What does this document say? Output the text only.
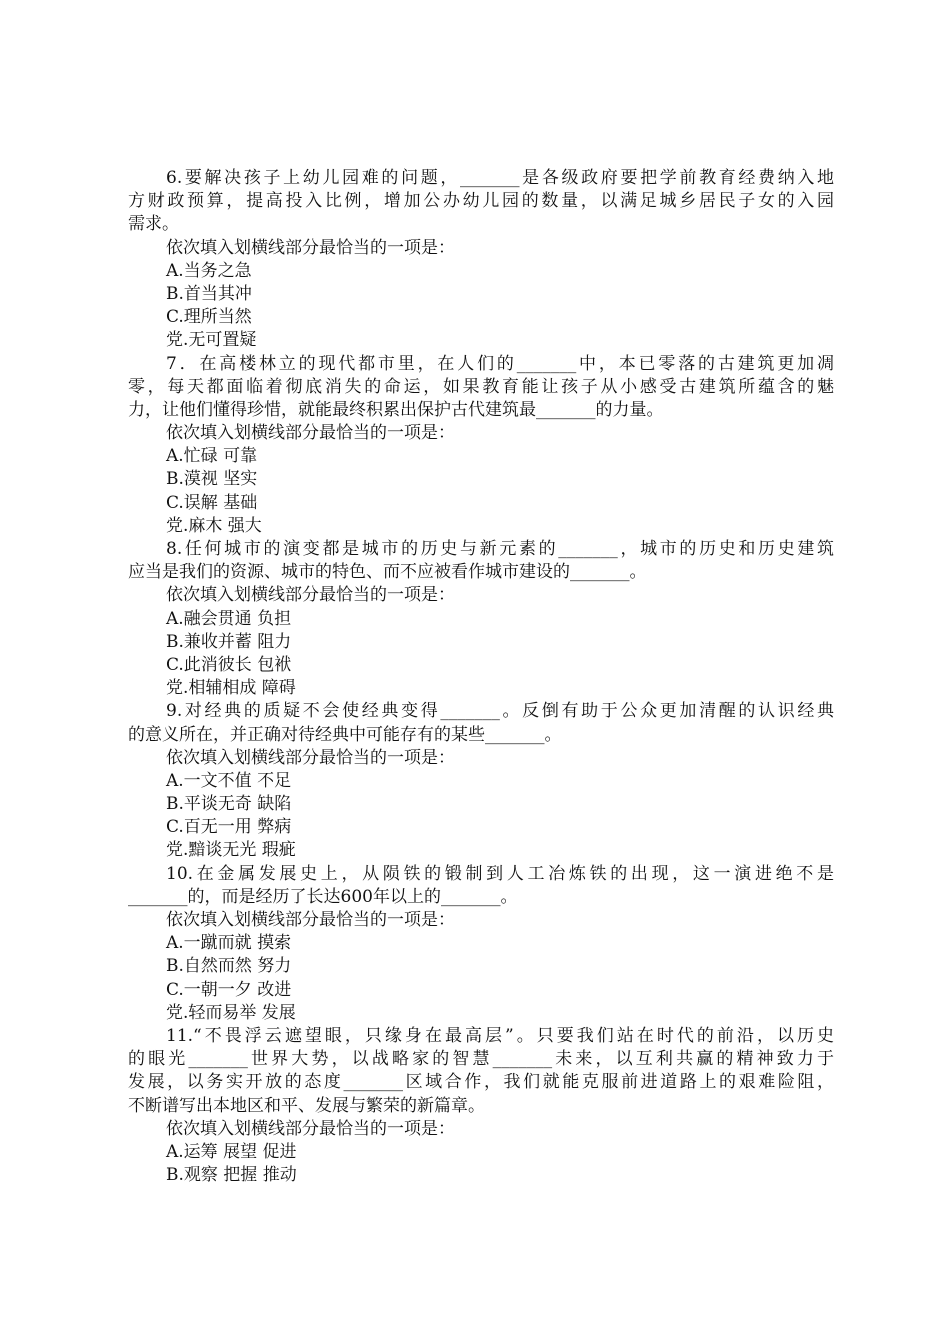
6.要解决孩子上幼儿园难的问题，_______是各级政府要把学前教育经费纳入地
方财政预算，提高投入比例，增加公办幼儿园的数量，以满足城乡居民子女的入园
需求。
依次填入划横线部分最恰当的一项是：
A.当务之急
B.首当其冲
C.理所当然
党.无可置疑
7．在高楼林立的现代都市里，在人们的_______中，本已零落的古建筑更加凋
零，每天都面临着彻底消失的命运，如果教育能让孩子从小感受古建筑所蕴含的魅
力，让他们懂得珍惜，就能最终积累出保护古代建筑最_______的力量。
依次填入划横线部分最恰当的一项是：
A.忙碌 可靠
B.漠视 坚实
C.误解 基础
党.麻木 强大
8.任何城市的演变都是城市的历史与新元素的_______，城市的历史和历史建筑
应当是我们的资源、城市的特色、而不应被看作城市建设的_______。
依次填入划横线部分最恰当的一项是：
A.融会贯通 负担
B.兼收并蓄 阻力
C.此消彼长 包袱
党.相辅相成 障碍
9.对经典的质疑不会使经典变得_______。反倒有助于公众更加清醒的认识经典
的意义所在，并正确对待经典中可能存有的某些_______。
依次填入划横线部分最恰当的一项是：
A.一文不值 不足
B.平谈无奇 缺陷
C.百无一用 弊病
党.黯谈无光 瑕疵
10.在金属发展史上，从陨铁的锻制到人工冶炼铁的出现，这一演进绝不是
_______的，而是经历了长达600年以上的_______。
依次填入划横线部分最恰当的一项是：
A.一蹴而就 摸索
B.自然而然 努力
C.一朝一夕 改进
党.轻而易举 发展
11.“不畏浮云遮望眼，只缘身在最高层”。只要我们站在时代的前沿，以历史
的眼光_______世界大势，以战略家的智慧_______未来，以互利共赢的精神致力于
发展，以务实开放的态度_______区域合作，我们就能克服前进道路上的艰难险阻，
不断谱写出本地区和平、发展与繁荣的新篇章。
依次填入划横线部分最恰当的一项是：
A.运筹 展望 促进
B.观察 把握 推动
